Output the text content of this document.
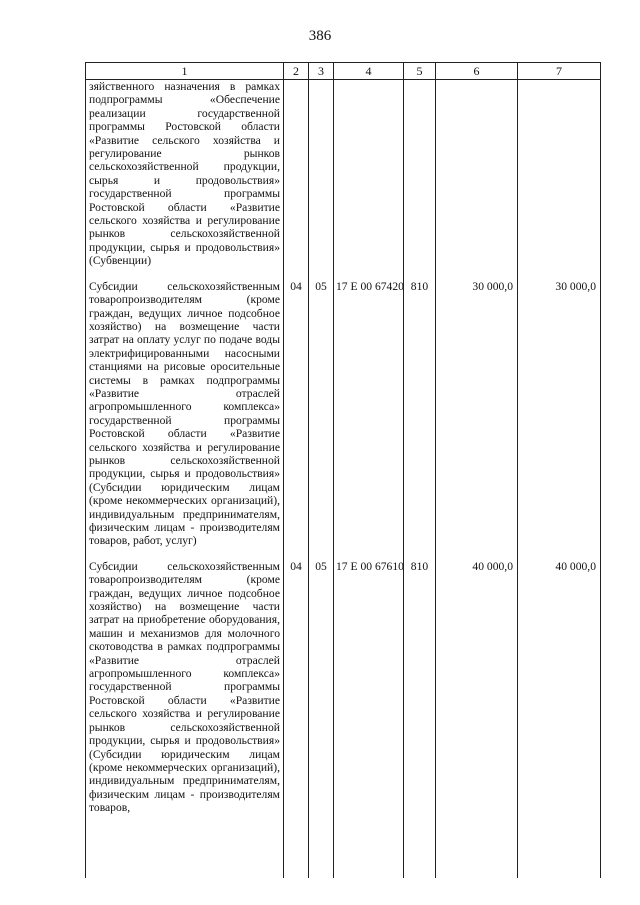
386
1	2	3	4	5	6	7
зяйственного назначения в рамках подпрограммы «Обеспечение реализации государственной программы Ростовской области «Развитие сельского хозяйства и регулирование рынков сельскохозяйственной продукции, сырья и продовольствия» государственной программы Ростовской области «Развитие сельского хозяйства и регулирование рынков сельскохозяйственной продукции, сырья и продовольствия» (Субвенции)						
Субсидии сельскохозяйственным товаропроизводителям (кроме граждан, ведущих личное подсобное хозяйство) на возмещение части затрат на оплату услуг по подаче воды электрифицированными насосными станциями на рисовые оросительные системы в рамках подпрограммы «Развитие отраслей агропромышленного комплекса» государственной программы Ростовской области «Развитие сельского хозяйства и регулирование рынков сельскохозяйственной продукции, сырья и продовольствия» (Субсидии юридическим лицам (кроме некоммерческих организаций), индивидуальным предпринимателям, физическим лицам - производителям товаров, работ, услуг)	04	05	17 Е 00 67420	810	30 000,0	30 000,0
Субсидии сельскохозяйственным товаропроизводителям (кроме граждан, ведущих личное подсобное хозяйство) на возмещение части затрат на приобретение оборудования, машин и механизмов для молочного скотоводства в рамках подпрограммы «Развитие отраслей агропромышленного комплекса» государственной программы Ростовской области «Развитие сельского хозяйства и регулирование рынков сельскохозяйственной продукции, сырья и продовольствия» (Субсидии юридическим лицам (кроме некоммерческих организаций), индивидуальным предпринимателям, физическим лицам - производителям товаров,	04	05	17 Е 00 67610	810	40 000,0	40 000,0
